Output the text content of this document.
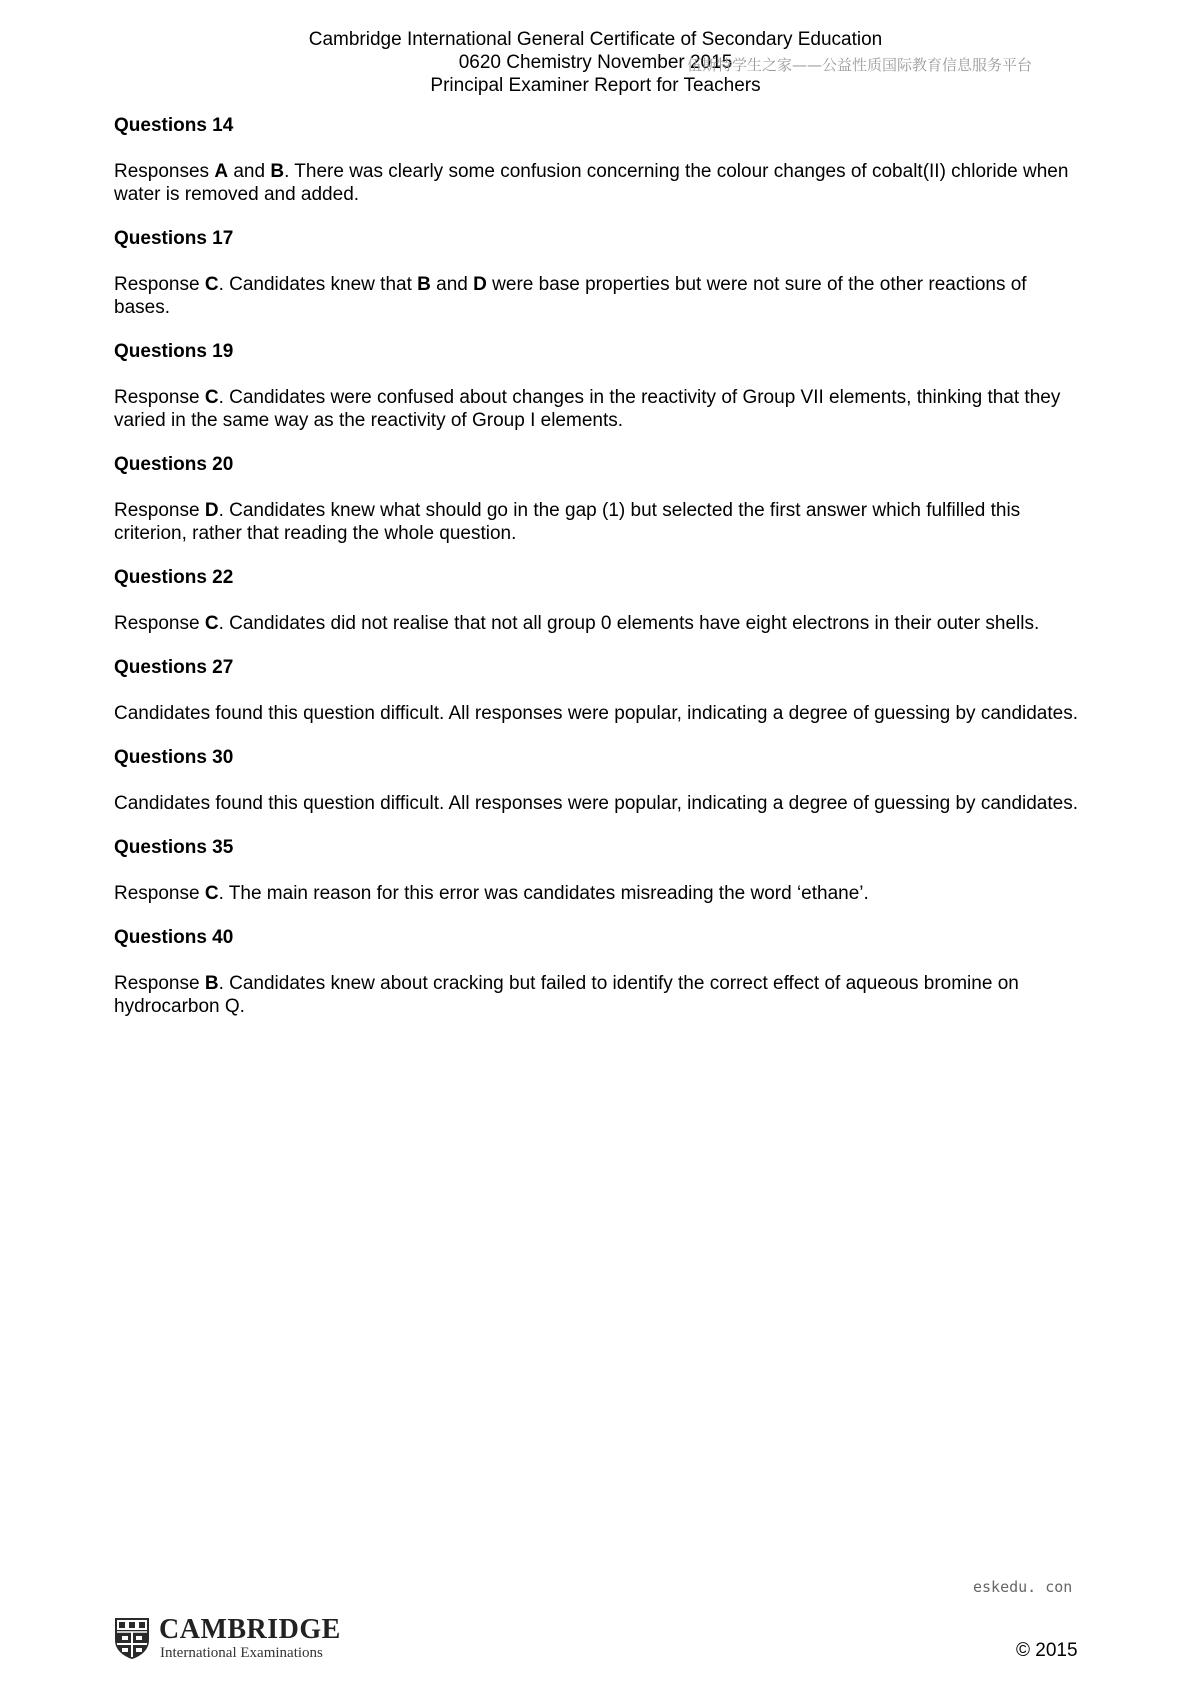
Cambridge International General Certificate of Secondary Education
0620 Chemistry November 2015
Principal Examiner Report for Teachers
伍斯特学生之家——公益性质国际教育信息服务平台
Questions 14

Responses A and B. There was clearly some confusion concerning the colour changes of cobalt(II) chloride when water is removed and added.

Questions 17

Response C. Candidates knew that B and D were base properties but were not sure of the other reactions of bases.

Questions 19

Response C. Candidates were confused about changes in the reactivity of Group VII elements, thinking that they varied in the same way as the reactivity of Group I elements.

Questions 20

Response D. Candidates knew what should go in the gap (1) but selected the first answer which fulfilled this criterion, rather that reading the whole question.

Questions 22

Response C. Candidates did not realise that not all group 0 elements have eight electrons in their outer shells.

Questions 27

Candidates found this question difficult. All responses were popular, indicating a degree of guessing by candidates.

Questions 30

Candidates found this question difficult. All responses were popular, indicating a degree of guessing by candidates.

Questions 35

Response C. The main reason for this error was candidates misreading the word ‘ethane’.

Questions 40

Response B. Candidates knew about cracking but failed to identify the correct effect of aqueous bromine on hydrocarbon Q.

eskedu. con
CAMBRIDGE
International Examinations	© 2015
